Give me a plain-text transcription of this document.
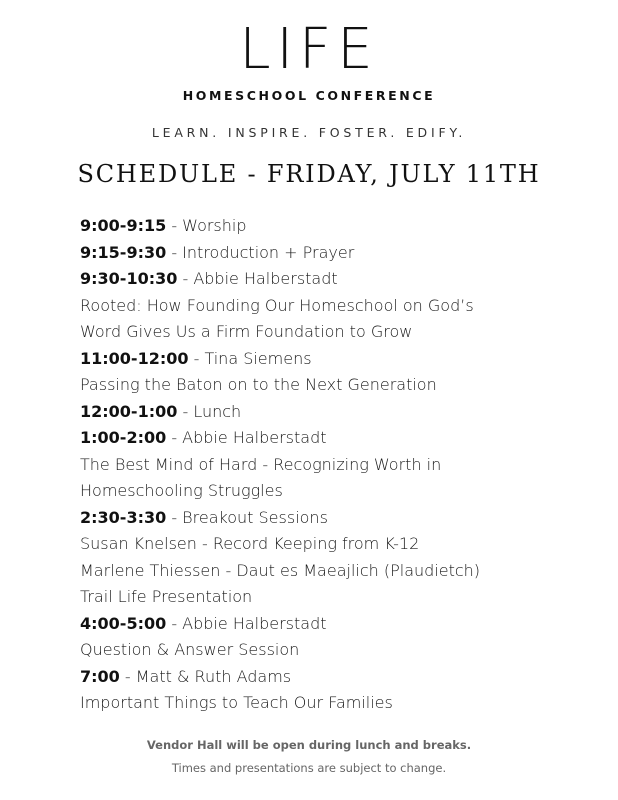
LIFE
HOMESCHOOL CONFERENCE
LEARN. INSPIRE. FOSTER. EDIFY.
SCHEDULE - FRIDAY, JULY 11TH
9:00-9:15 - Worship
9:15-9:30 - Introduction + Prayer
9:30-10:30 - Abbie Halberstadt
Rooted: How Founding Our Homeschool on God’s
Word Gives Us a Firm Foundation to Grow
11:00-12:00 - Tina Siemens
Passing the Baton on to the Next Generation
12:00-1:00 - Lunch
1:00-2:00 - Abbie Halberstadt
The Best Mind of Hard - Recognizing Worth in
Homeschooling Struggles
2:30-3:30 - Breakout Sessions
Susan Knelsen - Record Keeping from K-12
Marlene Thiessen - Daut es Maeajlich (Plaudietch)
Trail Life Presentation
4:00-5:00 - Abbie Halberstadt
Question & Answer Session
7:00 - Matt & Ruth Adams
Important Things to Teach Our Families
Vendor Hall will be open during lunch and breaks.
Times and presentations are subject to change.
